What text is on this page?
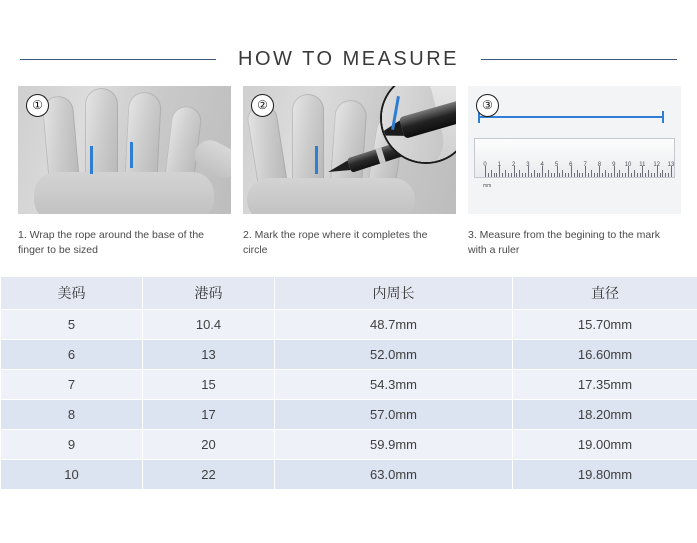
HOW TO MEASURE
①
1. Wrap the rope around the base of the finger to be sized
②
2. Mark the rope where it completes the circle
mm
0 1 2 3 4 5 6 7 8 9 10 11 12 13
③
3. Measure from the begining to the mark with a ruler
美码	港码	内周长	直径
5	10.4	48.7mm	15.70mm
6	13	52.0mm	16.60mm
7	15	54.3mm	17.35mm
8	17	57.0mm	18.20mm
9	20	59.9mm	19.00mm
10	22	63.0mm	19.80mm
